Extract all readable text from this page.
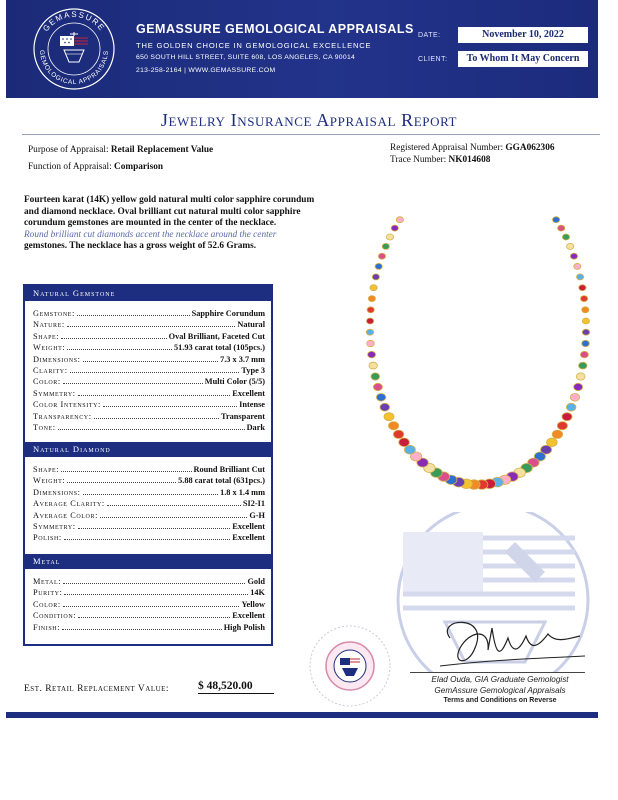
GEMASSURE
GEMOLOGICAL APPRAISALS
GEMASSURE GEMOLOGICAL APPRAISALS
THE GOLDEN CHOICE IN GEMOLOGICAL EXCELLENCE
650 SOUTH HILL STREET, SUITE 608, LOS ANGELES, CA 90014
213-258-2164 | WWW.GEMASSURE.COM
DATE:	November 10, 2022
CLIENT:	To Whom It May Concern
Jewelry Insurance Appraisal Report
Purpose of Appraisal: Retail Replacement Value
Function of Appraisal: Comparison
Registered Appraisal Number: GGA062306
Trace Number: NK014608
Fourteen karat (14K) yellow gold natural multi color sapphire corundum
and diamond necklace. Oval brilliant cut natural multi color sapphire
corundum gemstones are mounted in the center of the necklace.
Round brilliant cut diamonds accent the necklace around the center
gemstones. The necklace has a gross weight of 52.6 Grams.
Natural Gemstone
Gemstone:	Sapphire Corundum
Nature:	Natural
Shape:	Oval Brilliant, Faceted Cut
Weight:	51.93 carat total (105pcs.)
Dimensions:	7.3 x 3.7 mm
Clarity:	Type 3
Color:	Multi Color (5/5)
Symmetry:	Excellent
Color Intensity:	Intense
Transparency:	Transparent
Tone:	Dark
Natural Diamond
Shape:	Round Brilliant Cut
Weight:	5.88 carat total (631pcs.)
Dimensions:	1.8 x 1.4 mm
Average Clarity:	SI2-I1
Average Color:	G-H
Symmetry:	Excellent
Polish:	Excellent
Metal
Metal:	Gold
Purity:	14K
Color:	Yellow
Condition:	Excellent
Finish:	High Polish
Elad Ouda, GIA Graduate Gemologist
GemAssure Gemological Appraisals
Terms and Conditions on Reverse
Est. Retail Replacement Value:	$ 48,520.00
